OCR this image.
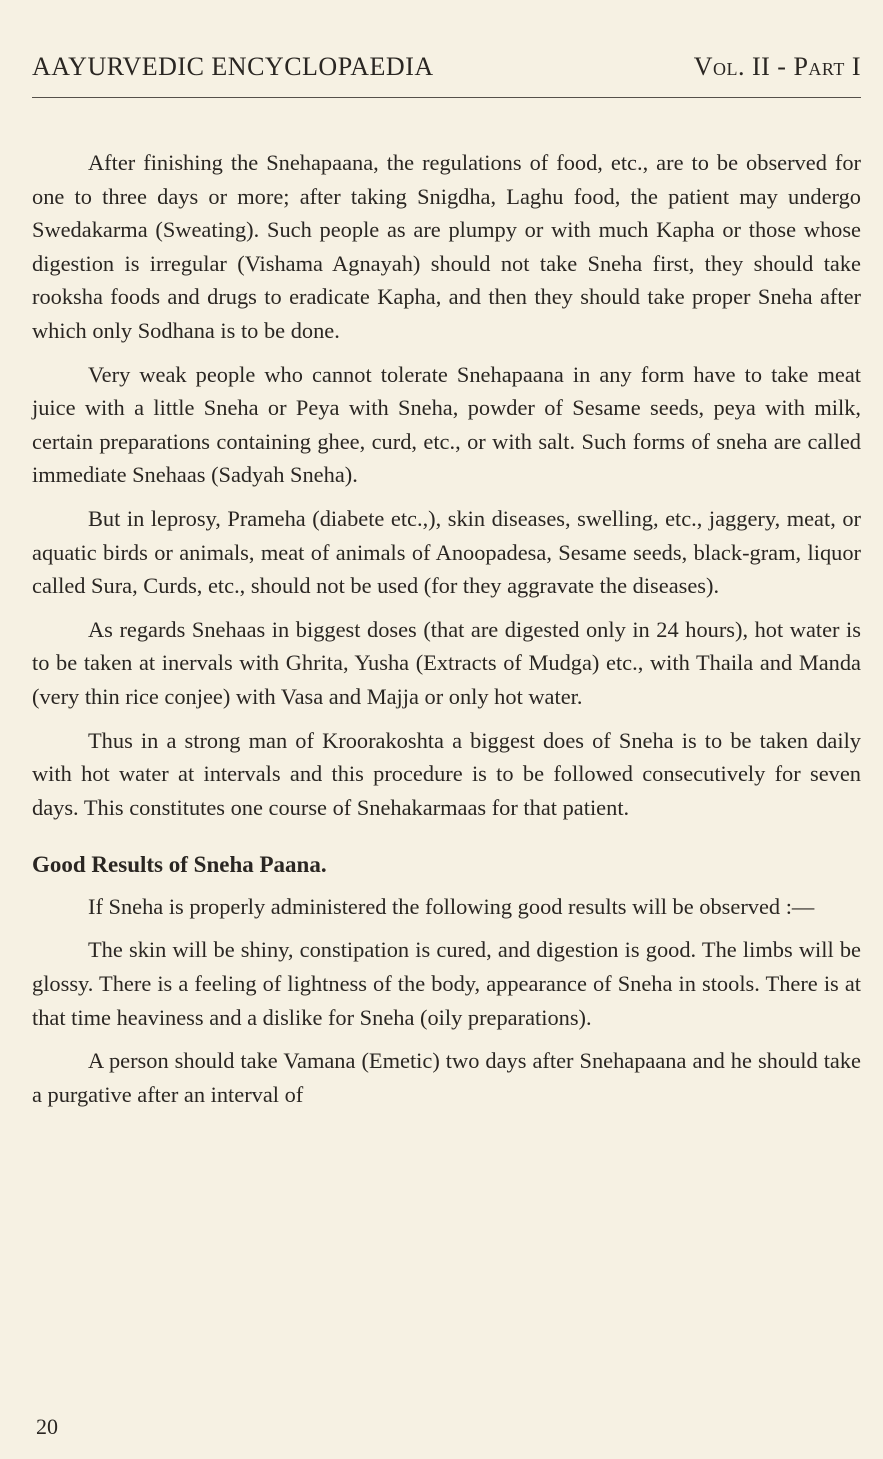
AAYURVEDIC ENCYCLOPAEDIA	Vol. II - Part I

After finishing the Snehapaana, the regulations of food, etc., are to be observed for one to three days or more; after taking Snigdha, Laghu food, the patient may undergo Swedakarma (Sweating). Such people as are plumpy or with much Kapha or those whose digestion is irregular (Vishama Agnayah) should not take Sneha first, they should take rooksha foods and drugs to eradicate Kapha, and then they should take proper Sneha after which only Sodhana is to be done.

Very weak people who cannot tolerate Snehapaana in any form have to take meat juice with a little Sneha or Peya with Sneha, powder of Sesame seeds, peya with milk, certain preparations containing ghee, curd, etc., or with salt. Such forms of sneha are called immediate Snehaas (Sadyah Sneha).

But in leprosy, Prameha (diabete etc.,), skin diseases, swelling, etc., jaggery, meat, or aquatic birds or animals, meat of animals of Anoopadesa, Sesame seeds, black-gram, liquor called Sura, Curds, etc., should not be used (for they aggravate the diseases).

As regards Snehaas in biggest doses (that are digested only in 24 hours), hot water is to be taken at inervals with Ghrita, Yusha (Extracts of Mudga) etc., with Thaila and Manda (very thin rice conjee) with Vasa and Majja or only hot water.

Thus in a strong man of Kroorakoshta a biggest does of Sneha is to be taken daily with hot water at intervals and this procedure is to be followed consecutively for seven days. This constitutes one course of Snehakarmaas for that patient.

Good Results of Sneha Paana.

If Sneha is properly administered the following good results will be observed :—

The skin will be shiny, constipation is cured, and digestion is good. The limbs will be glossy. There is a feeling of lightness of the body, appearance of Sneha in stools. There is at that time heaviness and a dislike for Sneha (oily preparations).

A person should take Vamana (Emetic) two days after Snehapaana and he should take a purgative after an interval of

20
